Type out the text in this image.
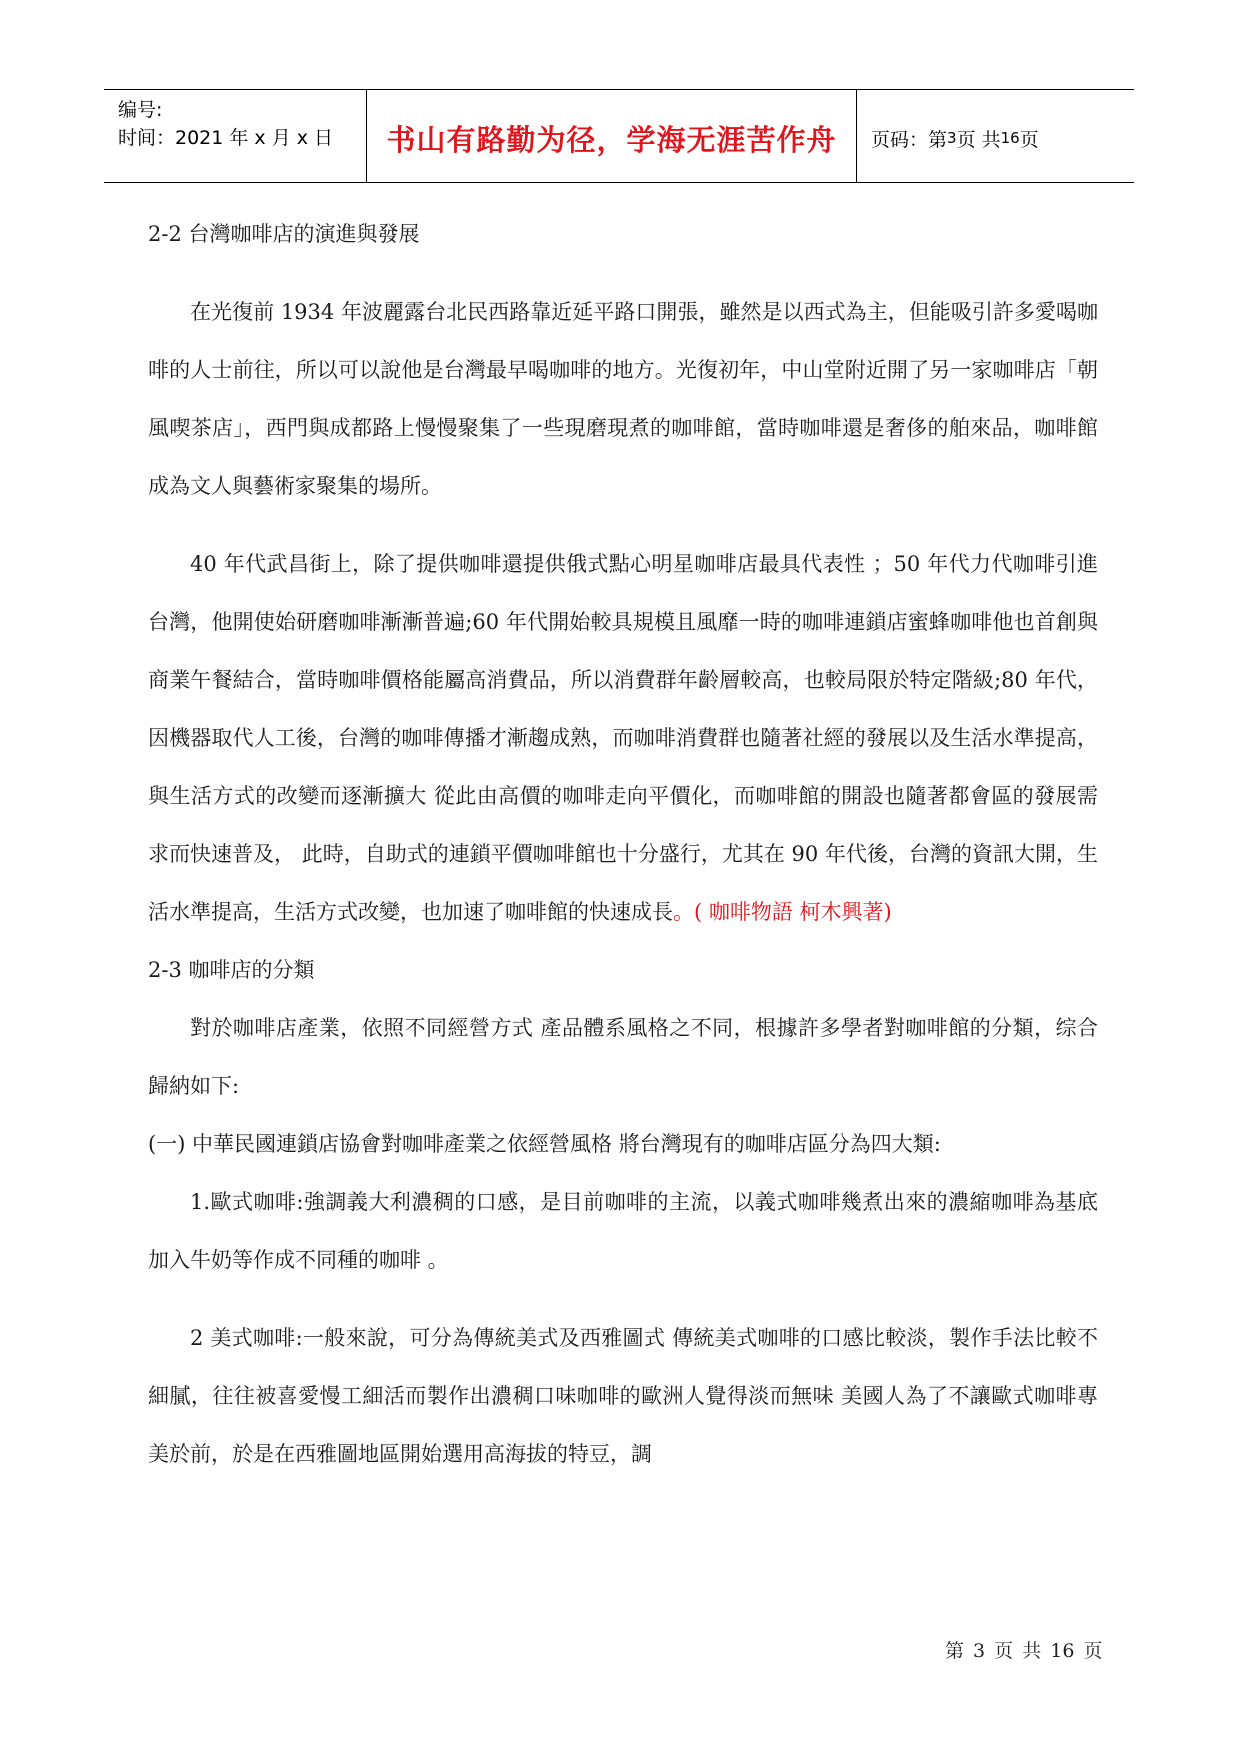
编号:
时间：2021 年 x 月 x 日	书山有路勤为径，学海无涯苦作舟	页码：第 3 页 共 16 页

2-2 台灣咖啡店的演進與發展

在光復前 1934 年波麗露台北民西路靠近延平路口開張，雖然是以西式為主，但能吸引許多愛喝咖啡的人士前往，所以可以說他是台灣最早喝咖啡的地方。光復初年，中山堂附近開了另一家咖啡店「朝風喫茶店」，西門與成都路上慢慢聚集了一些現磨現煮的咖啡館，當時咖啡還是奢侈的舶來品，咖啡館成為文人與藝術家聚集的場所。

40 年代武昌街上，除了提供咖啡還提供俄式點心明星咖啡店最具代表性 ；50 年代力代咖啡引進台灣，他開使始研磨咖啡漸漸普遍;60 年代開始較具規模且風靡一時的咖啡連鎖店蜜蜂咖啡他也首創與商業午餐結合，當時咖啡價格能屬高消費品，所以消費群年齡層較高，也較局限於特定階級;80 年代，因機器取代人工後，台灣的咖啡傳播才漸趨成熟，而咖啡消費群也隨著社經的發展以及生活水準提高，與生活方式的改變而逐漸擴大 從此由高價的咖啡走向平價化，而咖啡館的開設也隨著都會區的發展需求而快速普及， 此時，自助式的連鎖平價咖啡館也十分盛行，尤其在 90 年代後，台灣的資訊大開，生活水準提高，生活方式改變，也加速了咖啡館的快速成長。( 咖啡物語 柯木興著)

2-3 咖啡店的分類

對於咖啡店產業，依照不同經營方式 產品體系風格之不同，根據許多學者對咖啡館的分類，综合歸納如下:

(一) 中華民國連鎖店協會對咖啡產業之依經營風格 將台灣現有的咖啡店區分為四大類:

1.歐式咖啡:強調義大利濃稠的口感，是目前咖啡的主流，以義式咖啡幾煮出來的濃縮咖啡為基底加入牛奶等作成不同種的咖啡 。

2 美式咖啡:一般來說，可分為傳統美式及西雅圖式 傳統美式咖啡的口感比較淡，製作手法比較不細膩，往往被喜愛慢工細活而製作出濃稠口味咖啡的歐洲人覺得淡而無味 美國人為了不讓歐式咖啡專美於前，於是在西雅圖地區開始選用高海拔的特豆，調

第 3 页 共 16 页
